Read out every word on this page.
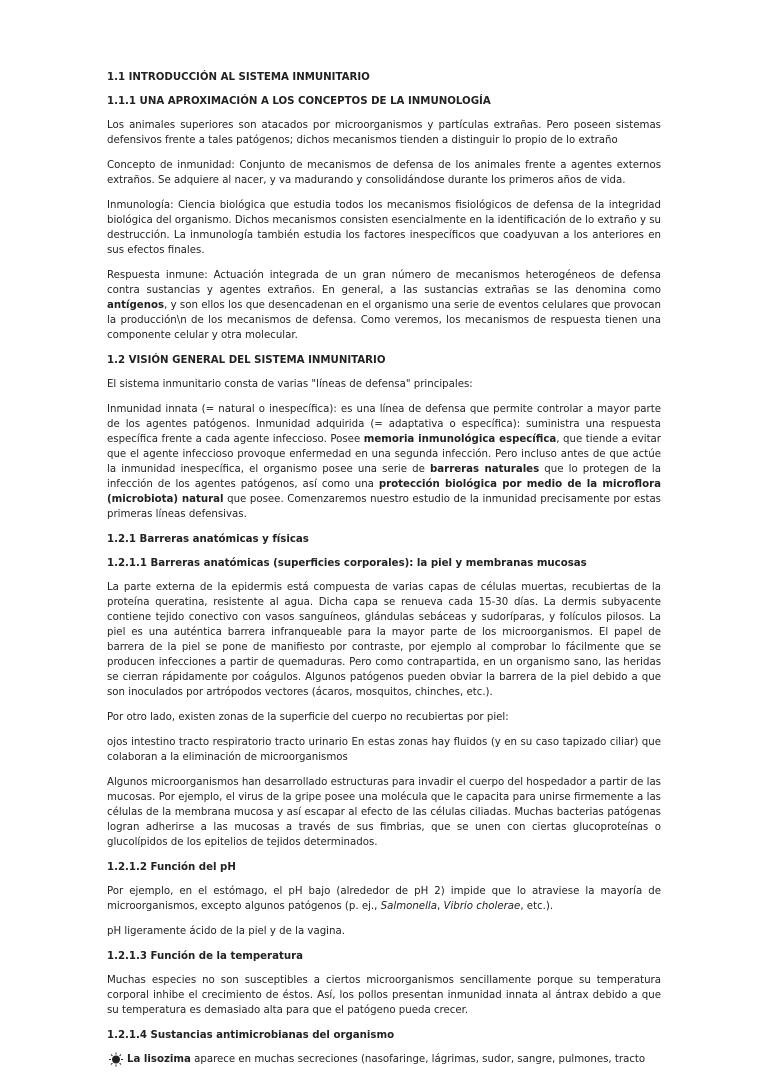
1.1 INTRODUCCIÓN AL SISTEMA INMUNITARIO
1.1.1 UNA APROXIMACIÓN A LOS CONCEPTOS DE LA INMUNOLOGÍA
Los animales superiores son atacados por microorganismos y partículas extrañas. Pero poseen sistemas defensivos frente a tales patógenos; dichos mecanismos tienden a distinguir lo propio de lo extraño
Concepto de inmunidad: Conjunto de mecanismos de defensa de los animales frente a agentes externos extraños. Se adquiere al nacer, y va madurando y consolidándose durante los primeros años de vida.
Inmunología: Ciencia biológica que estudia todos los mecanismos fisiológicos de defensa de la integridad biológica del organismo. Dichos mecanismos consisten esencialmente en la identificación de lo extraño y su destrucción. La inmunología también estudia los factores inespecíficos que coadyuvan a los anteriores en sus efectos finales.
Respuesta inmune: Actuación integrada de un gran número de mecanismos heterogéneos de defensa contra sustancias y agentes extraños. En general, a las sustancias extrañas se las denomina como antígenos, y son ellos los que desencadenan en el organismo una serie de eventos celulares que provocan la producción\n de los mecanismos de defensa. Como veremos, los mecanismos de respuesta tienen una componente celular y otra molecular.
1.2 VISIÓN GENERAL DEL SISTEMA INMUNITARIO
El sistema inmunitario consta de varias "líneas de defensa" principales:
Inmunidad innata (= natural o inespecífica): es una línea de defensa que permite controlar a mayor parte de los agentes patógenos. Inmunidad adquirida (= adaptativa o específica): suministra una respuesta específica frente a cada agente infeccioso. Posee memoria inmunológica específica, que tiende a evitar que el agente infeccioso provoque enfermedad en una segunda infección. Pero incluso antes de que actúe la inmunidad inespecífica, el organismo posee una serie de barreras naturales que lo protegen de la infección de los agentes patógenos, así como una protección biológica por medio de la microflora (microbiota) natural que posee. Comenzaremos nuestro estudio de la inmunidad precisamente por estas primeras líneas defensivas.
1.2.1 Barreras anatómicas y físicas
1.2.1.1 Barreras anatómicas (superficies corporales): la piel y membranas mucosas
La parte externa de la epidermis está compuesta de varias capas de células muertas, recubiertas de la proteína queratina, resistente al agua. Dicha capa se renueva cada 15-30 días. La dermis subyacente contiene tejido conectivo con vasos sanguíneos, glándulas sebáceas y sudoríparas, y folículos pilosos. La piel es una auténtica barrera infranqueable para la mayor parte de los microorganismos. El papel de barrera de la piel se pone de manifiesto por contraste, por ejemplo al comprobar lo fácilmente que se producen infecciones a partir de quemaduras. Pero como contrapartida, en un organismo sano, las heridas se cierran rápidamente por coágulos. Algunos patógenos pueden obviar la barrera de la piel debido a que son inoculados por artrópodos vectores (ácaros, mosquitos, chinches, etc.).
Por otro lado, existen zonas de la superficie del cuerpo no recubiertas por piel:
ojos intestino tracto respiratorio tracto urinario En estas zonas hay fluidos (y en su caso tapizado ciliar) que colaboran a la eliminación de microorganismos
Algunos microorganismos han desarrollado estructuras para invadir el cuerpo del hospedador a partir de las mucosas. Por ejemplo, el virus de la gripe posee una molécula que le capacita para unirse firmemente a las células de la membrana mucosa y así escapar al efecto de las células ciliadas. Muchas bacterias patógenas logran adherirse a las mucosas a través de sus fimbrias, que se unen con ciertas glucoproteínas o glucolípidos de los epitelios de tejidos determinados.
1.2.1.2 Función del pH
Por ejemplo, en el estómago, el pH bajo (alrededor de pH 2) impide que lo atraviese la mayoría de microorganismos, excepto algunos patógenos (p. ej., Salmonella, Vibrio cholerae, etc.).
pH ligeramente ácido de la piel y de la vagina.
1.2.1.3 Función de la temperatura
Muchas especies no son susceptibles a ciertos microorganismos sencillamente porque su temperatura corporal inhibe el crecimiento de éstos. Así, los pollos presentan inmunidad innata al ántrax debido a que su temperatura es demasiado alta para que el patógeno pueda crecer.
1.2.1.4 Sustancias antimicrobianas del organismo
La lisozima aparece en muchas secreciones (nasofaringe, lágrimas, sudor, sangre, pulmones, tracto
